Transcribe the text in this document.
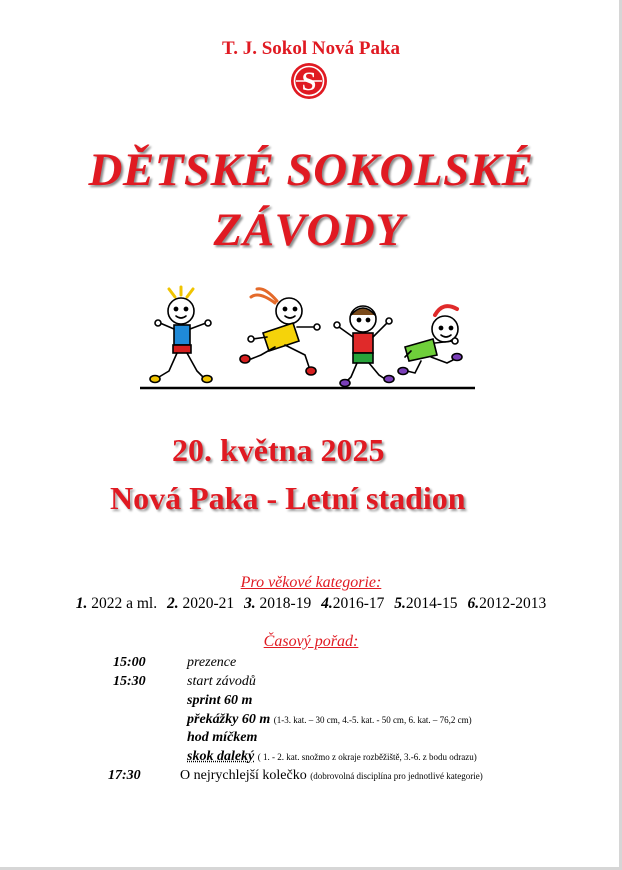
T. J. Sokol Nová Paka
S
DĚTSKÉ SOKOLSKÉ
ZÁVODY
20. května 2025
Nová Paka - Letní stadion
Pro věkové kategorie:
1. 2022 a ml. 2. 2020-21 3. 2018-19 4.2016-17 5.2014-15 6.2012-2013
Časový pořad:
15:00	prezence
15:30	start závodů
sprint 60 m
překážky 60 m (1-3. kat. – 30 cm, 4.-5. kat. - 50 cm, 6. kat. – 76,2 cm)
hod míčkem
skok daleký ( 1. - 2. kat. snožmo z okraje rozběžiště, 3.-6. z bodu odrazu)
17:30	O nejrychlejší kolečko (dobrovolná disciplína pro jednotlivé kategorie)
